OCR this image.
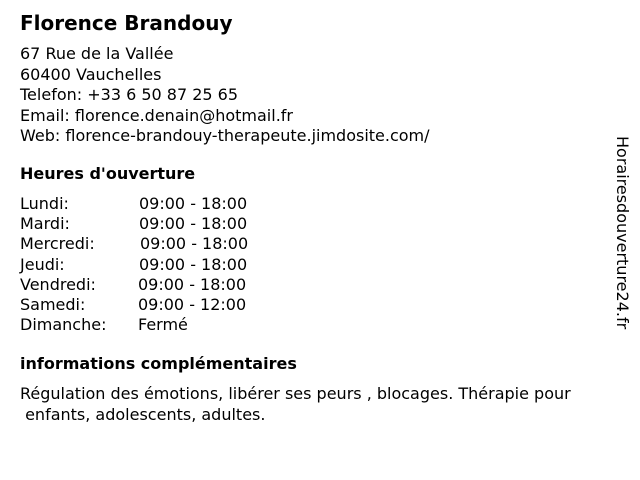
Florence Brandouy
67 Rue de la Vallée
60400 Vauchelles
Telefon: +33 6 50 87 25 65
Email: florence.denain@hotmail.fr
Web: florence-brandouy-therapeute.jimdosite.com/
Heures d'ouverture
Lundi:	09:00 - 18:00
Mardi:	09:00 - 18:00
Mercredi:	09:00 - 18:00
Jeudi:	09:00 - 18:00
Vendredi:	09:00 - 18:00
Samedi:	09:00 - 12:00
Dimanche: Fermé
informations complémentaires
Régulation des émotions, libérer ses peurs , blocages. Thérapie pour
enfants, adolescents, adultes.
Horairesdouverture24.fr
